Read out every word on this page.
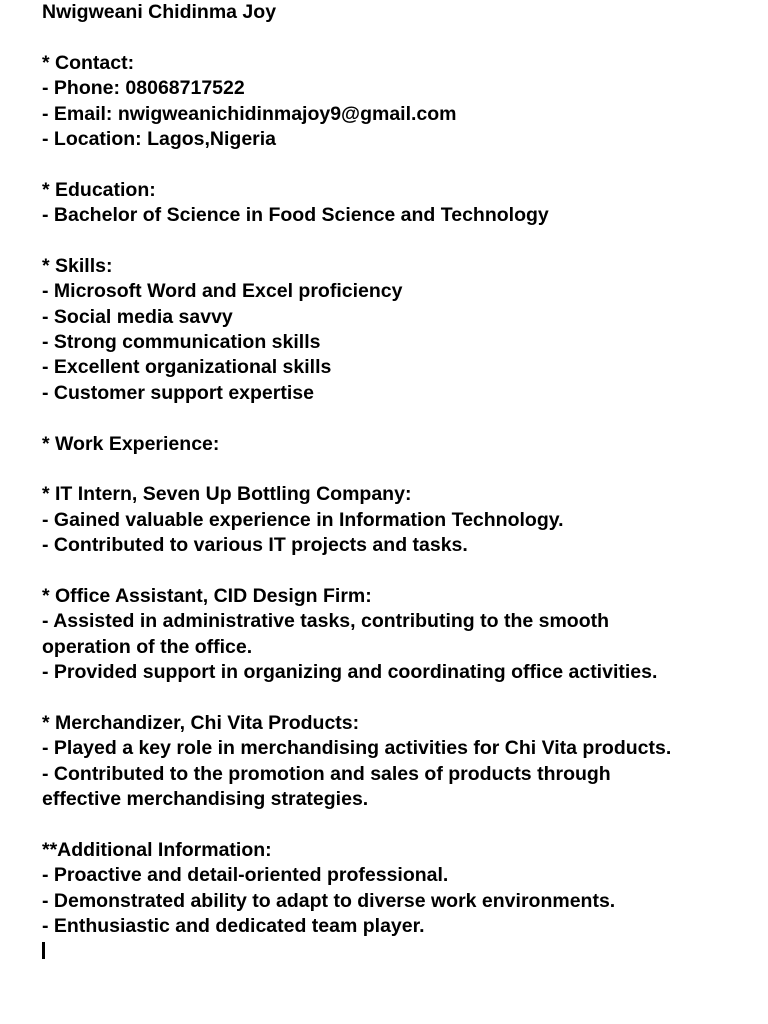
Nwigweani Chidinma Joy
* Contact:
- Phone: 08068717522
- Email: nwigweanichidinmajoy9@gmail.com
- Location: Lagos,Nigeria
* Education:
- Bachelor of Science in Food Science and Technology
* Skills:
- Microsoft Word and Excel proficiency
- Social media savvy
- Strong communication skills
- Excellent organizational skills
- Customer support expertise
* Work Experience:
* IT Intern, Seven Up Bottling Company:
- Gained valuable experience in Information Technology.
- Contributed to various IT projects and tasks.
* Office Assistant, CID Design Firm:
- Assisted in administrative tasks, contributing to the smooth
operation of the office.
- Provided support in organizing and coordinating office activities.
* Merchandizer, Chi Vita Products:
- Played a key role in merchandising activities for Chi Vita products.
- Contributed to the promotion and sales of products through
effective merchandising strategies.
**Additional Information:
- Proactive and detail-oriented professional.
- Demonstrated ability to adapt to diverse work environments.
- Enthusiastic and dedicated team player.
